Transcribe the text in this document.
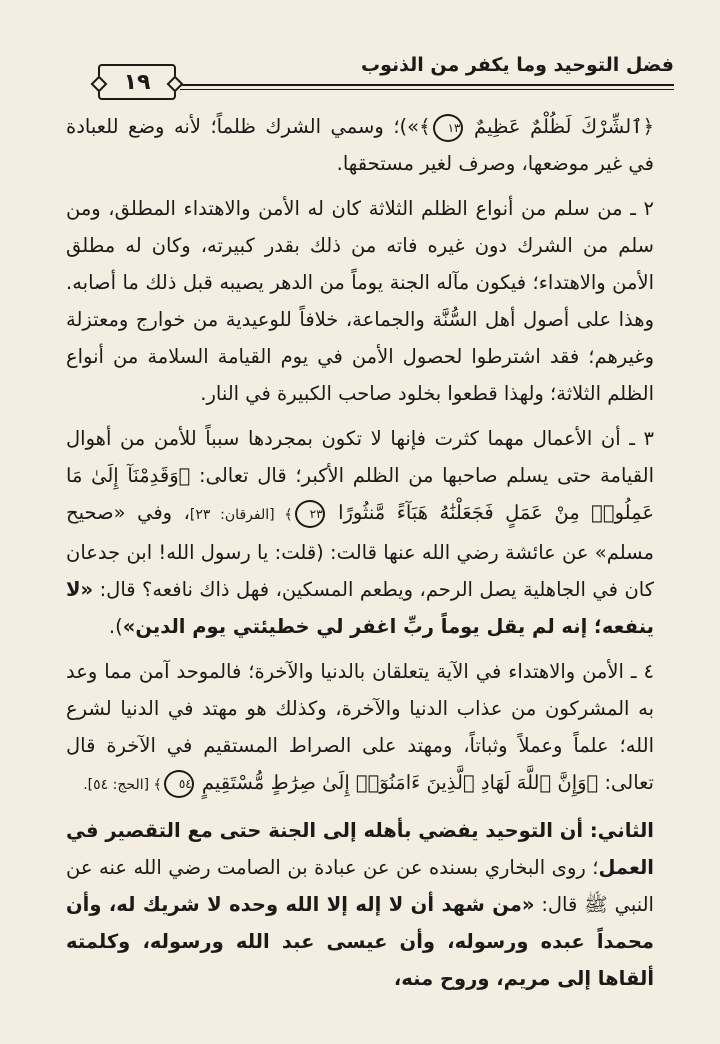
فضل التوحيد وما يكفر من الذنوب
١٩

﴿ٱلشِّرْكَ لَظُلْمٌ عَظِيمٌ ١٣﴾»)؛ وسمي الشرك ظلماً؛ لأنه وضع للعبادة في غير موضعها، وصرف لغير مستحقها.

٢ ـ من سلم من أنواع الظلم الثلاثة كان له الأمن والاهتداء المطلق، ومن سلم من الشرك دون غيره فاته من ذلك بقدر كبيرته، وكان له مطلق الأمن والاهتداء؛ فيكون مآله الجنة يوماً من الدهر يصيبه قبل ذلك ما أصابه. وهذا على أصول أهل السُّنَّة والجماعة، خلافاً للوعيدية من خوارج ومعتزلة وغيرهم؛ فقد اشترطوا لحصول الأمن في يوم القيامة السلامة من أنواع الظلم الثلاثة؛ ولهذا قطعوا بخلود صاحب الكبيرة في النار.

٣ ـ أن الأعمال مهما كثرت فإنها لا تكون بمجردها سبباً للأمن من أهوال القيامة حتى يسلم صاحبها من الظلم الأكبر؛ قال تعالى: ﴿وَقَدِمْنَآ إِلَىٰ مَا عَمِلُوا۟ مِنْ عَمَلٍ فَجَعَلْنَٰهُ هَبَآءً مَّنثُورًا ٢٣﴾ [الفرقان: ٢٣]، وفي «صحيح مسلم» عن عائشة رضي الله عنها قالت: (قلت: يا رسول الله! ابن جدعان كان في الجاهلية يصل الرحم، ويطعم المسكين، فهل ذاك نافعه؟ قال: «لا ينفعه؛ إنه لم يقل يوماً ربِّ اغفر لي خطيئتي يوم الدين»).

٤ ـ الأمن والاهتداء في الآية يتعلقان بالدنيا والآخرة؛ فالموحد آمن مما وعد به المشركون من عذاب الدنيا والآخرة، وكذلك هو مهتد في الدنيا لشرع الله؛ علماً وعملاً وثباتاً، ومهتد على الصراط المستقيم في الآخرة قال تعالى: ﴿وَإِنَّ ٱللَّهَ لَهَادِ ٱلَّذِينَ ءَامَنُوٓا۟ إِلَىٰ صِرَٰطٍ مُّسْتَقِيمٍ ٥٤﴾ [الحج: ٥٤].

الثاني: أن التوحيد يفضي بأهله إلى الجنة حتى مع التقصير في العمل؛ روى البخاري بسنده عن عن عبادة بن الصامت رضي الله عنه عن النبي ﷺ قال: «من شهد أن لا إله إلا الله وحده لا شريك له، وأن محمداً عبده ورسوله، وأن عيسى عبد الله ورسوله، وكلمته ألقاها إلى مريم، وروح منه،
